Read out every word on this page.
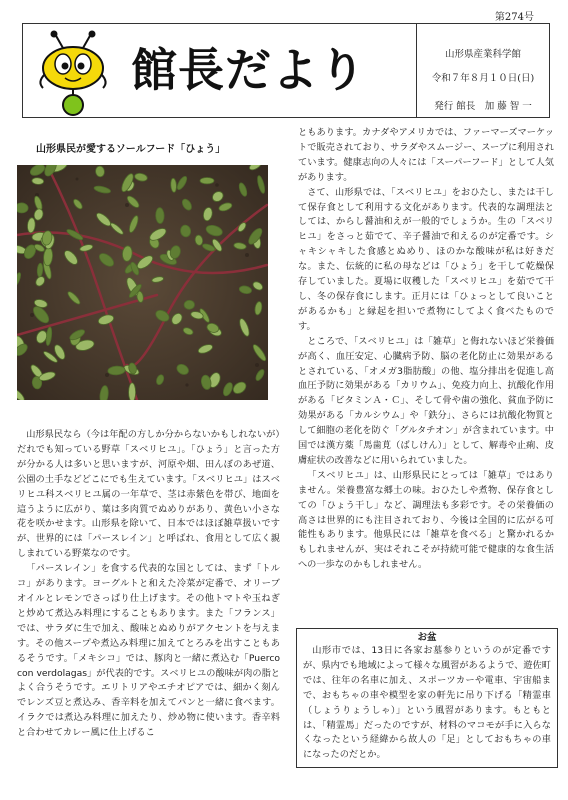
第274号
館長だより	山形県産業科学館
令和７年８月１０日(日)
発行 館長　加 藤 智 一
山形県民が愛するソールフード「ひょう」

山形県民なら（今は年配の方しか分からないかもしれないが）だれでも知っている野草「スベリヒユ」。「ひょう」と言った方が分かる人は多いと思いますが、河原や畑、田んぼのあぜ道、公園の土手などどこにでも生えています。「スベリヒユ」はスベリヒユ科スベリヒユ属の一年草で、茎は赤紫色を帯び、地面を這うように広がり、葉は多肉質でぬめりがあり、黄色い小さな花を咲かせます。山形県を除いて、日本ではほぼ雑草扱いですが、世界的には「パースレイン」と呼ばれ、食用として広く親しまれている野菜なのです。

「パースレイン」を食する代表的な国としては、まず「トルコ」があります。ヨーグルトと和えた冷菜が定番で、オリーブオイルとレモンでさっぱり仕上げます。その他トマトや玉ねぎと炒めて煮込み料理にすることもあります。また「フランス」では、サラダに生で加え、酸味とぬめりがアクセントを与えます。その他スープや煮込み料理に加えてとろみを出すこともあるそうです。「メキシコ」では、豚肉と一緒に煮込む「Puerco con verdolagas」が代表的です。スベリヒユの酸味が肉の脂とよく合うそうです。エリトリアやエチオピアでは、細かく刻んでレンズ豆と煮込み、香辛料を加えてパンと一緒に食べます。イラクでは煮込み料理に加えたり、炒め物に使います。香辛料と合わせてカレー風に仕上げるこ

ともあります。カナダやアメリカでは、ファーマーズマーケットで販売されており、サラダやスムージー、スープに利用されています。健康志向の人々には「スーパーフード」として人気があります。

さて、山形県では、「スベリヒユ」をおひたし、または干して保存食として利用する文化があります。代表的な調理法としては、からし醤油和えが一般的でしょうか。生の「スベリヒユ」をさっと茹でて、辛子醤油で和えるのが定番です。シャキシャキした食感とぬめり、ほのかな酸味が私は好きだな。また、伝統的に私の母などは「ひょう」を干して乾燥保存していました。夏場に収穫した「スベリヒユ」を茹でて干し、冬の保存食にします。正月には「ひょっとして良いことがあるかも」と縁起を担いで煮物にしてよく食べたものです。

ところで、「スベリヒユ」は「雑草」と侮れないほど栄養価が高く、血圧安定、心臓病予防、脳の老化防止に効果があるとされている、「オメガ3脂肪酸」の他、塩分排出を促進し高血圧予防に効果がある「カリウム」、免疫力向上、抗酸化作用がある「ビタミンＡ・Ｃ」、そして骨や歯の強化、貧血予防に効果がある「カルシウム」や「鉄分」、さらには抗酸化物質として細胞の老化を防ぐ「グルタチオン」が含まれています。中国では漢方薬「馬歯莧（ばしけん）」として、解毒や止痢、皮膚症状の改善などに用いられていました。

「スベリヒユ」は、山形県民にとっては「雑草」ではありません。栄養豊富な郷土の味。おひたしや煮物、保存食としての「ひょう干し」など、調理法も多彩です。その栄養価の高さは世界的にも注目されており、今後は全国的に広がる可能性もあります。他県民には「雑草を食べる」と驚かれるかもしれませんが、実はそれこそが持続可能で健康的な食生活への一歩なのかもしれません。

お盆

山形市では、13日に各家お墓参りというのが定番ですが、県内でも地域によって様々な風習があるようで、遊佐町では、往年の名車に加え、スポーツカーや電車、宇宙船まで、おもちゃの車や模型を家の軒先に吊り下げる「精霊車（しょうりょうしゃ）」という風習があります。もともとは、「精霊馬」だったのですが、材料のマコモが手に入らなくなったという経緯から故人の「足」としておもちゃの車になったのだとか。
